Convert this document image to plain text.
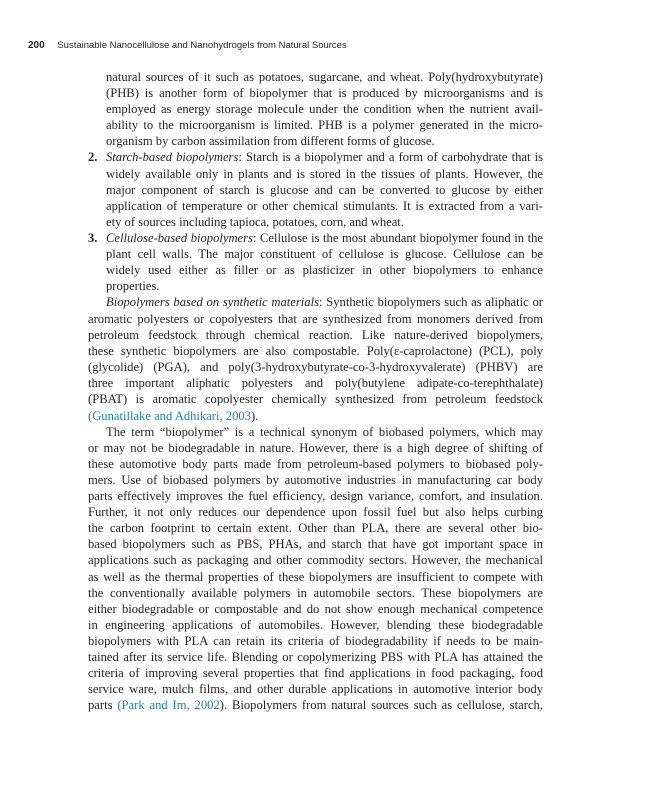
200 Sustainable Nanocellulose and Nanohydrogels from Natural Sources
natural sources of it such as potatoes, sugarcane, and wheat. Poly(hydroxybutyrate)
(PHB) is another form of biopolymer that is produced by microorganisms and is
employed as energy storage molecule under the condition when the nutrient avail-
ability to the microorganism is limited. PHB is a polymer generated in the micro-
organism by carbon assimilation from different forms of glucose.
2. Starch-based biopolymers: Starch is a biopolymer and a form of carbohydrate that is
widely available only in plants and is stored in the tissues of plants. However, the
major component of starch is glucose and can be converted to glucose by either
application of temperature or other chemical stimulants. It is extracted from a vari-
ety of sources including tapioca, potatoes, corn, and wheat.
3. Cellulose-based biopolymers: Cellulose is the most abundant biopolymer found in the
plant cell walls. The major constituent of cellulose is glucose. Cellulose can be
widely used either as filler or as plasticizer in other biopolymers to enhance
properties.
Biopolymers based on synthetic materials: Synthetic biopolymers such as aliphatic or
aromatic polyesters or copolyesters that are synthesized from monomers derived from
petroleum feedstock through chemical reaction. Like nature-derived biopolymers,
these synthetic biopolymers are also compostable. Poly(ε-caprolactone) (PCL), poly
(glycolide) (PGA), and poly(3-hydroxybutyrate-co-3-hydroxyvalerate) (PHBV) are
three important aliphatic polyesters and poly(butylene adipate-co-terephthalate)
(PBAT) is aromatic copolyester chemically synthesized from petroleum feedstock
(Gunatillake and Adhikari, 2003).
The term “biopolymer” is a technical synonym of biobased polymers, which may
or may not be biodegradable in nature. However, there is a high degree of shifting of
these automotive body parts made from petroleum-based polymers to biobased poly-
mers. Use of biobased polymers by automotive industries in manufacturing car body
parts effectively improves the fuel efficiency, design variance, comfort, and insulation.
Further, it not only reduces our dependence upon fossil fuel but also helps curbing
the carbon footprint to certain extent. Other than PLA, there are several other bio-
based biopolymers such as PBS, PHAs, and starch that have got important space in
applications such as packaging and other commodity sectors. However, the mechanical
as well as the thermal properties of these biopolymers are insufficient to compete with
the conventionally available polymers in automobile sectors. These biopolymers are
either biodegradable or compostable and do not show enough mechanical competence
in engineering applications of automobiles. However, blending these biodegradable
biopolymers with PLA can retain its criteria of biodegradability if needs to be main-
tained after its service life. Blending or copolymerizing PBS with PLA has attained the
criteria of improving several properties that find applications in food packaging, food
service ware, mulch films, and other durable applications in automotive interior body
parts (Park and Im, 2002). Biopolymers from natural sources such as cellulose, starch,
